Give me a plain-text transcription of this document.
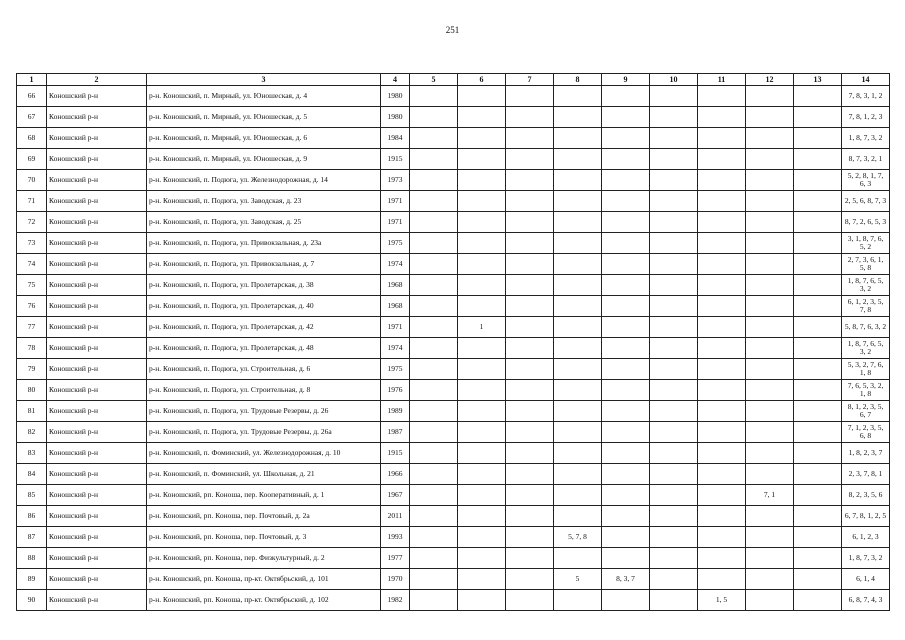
251
1	2	3	4	5	6	7	8	9	10	11	12	13	14
66	Коношский р-н	р-н. Коношский, п. Мирный, ул. Юношеская, д. 4	1980										7, 8, 3, 1, 2
67	Коношский р-н	р-н. Коношский, п. Мирный, ул. Юношеская, д. 5	1980										7, 8, 1, 2, 3
68	Коношский р-н	р-н. Коношский, п. Мирный, ул. Юношеская, д. 6	1984										1, 8, 7, 3, 2
69	Коношский р-н	р-н. Коношский, п. Мирный, ул. Юношеская, д. 9	1915										8, 7, 3, 2, 1
70	Коношский р-н	р-н. Коношский, п. Подюга, ул. Железнодорожная, д. 14	1973										5, 2, 8, 1, 7, 6, 3
71	Коношский р-н	р-н. Коношский, п. Подюга, ул. Заводская, д. 23	1971										2, 5, 6, 8, 7, 3
72	Коношский р-н	р-н. Коношский, п. Подюга, ул. Заводская, д. 25	1971										8, 7, 2, 6, 5, 3
73	Коношский р-н	р-н. Коношский, п. Подюга, ул. Привокзальная, д. 23а	1975										3, 1, 8, 7, 6, 5, 2
74	Коношский р-н	р-н. Коношский, п. Подюга, ул. Привокзальная, д. 7	1974										2, 7, 3, 6, 1, 5, 8
75	Коношский р-н	р-н. Коношский, п. Подюга, ул. Пролетарская, д. 38	1968										1, 8, 7, 6, 5, 3, 2
76	Коношский р-н	р-н. Коношский, п. Подюга, ул. Пролетарская, д. 40	1968										6, 1, 2, 3, 5, 7, 8
77	Коношский р-н	р-н. Коношский, п. Подюга, ул. Пролетарская, д. 42	1971		1								5, 8, 7, 6, 3, 2
78	Коношский р-н	р-н. Коношский, п. Подюга, ул. Пролетарская, д. 48	1974										1, 8, 7, 6, 5, 3, 2
79	Коношский р-н	р-н. Коношский, п. Подюга, ул. Строительная, д. 6	1975										5, 3, 2, 7, 6, 1, 8
80	Коношский р-н	р-н. Коношский, п. Подюга, ул. Строительная, д. 8	1976										7, 6, 5, 3, 2, 1, 8
81	Коношский р-н	р-н. Коношский, п. Подюга, ул. Трудовые Резервы, д. 26	1989										8, 1, 2, 3, 5, 6, 7
82	Коношский р-н	р-н. Коношский, п. Подюга, ул. Трудовые Резервы, д. 26а	1987										7, 1, 2, 3, 5, 6, 8
83	Коношский р-н	р-н. Коношский, п. Фоминский, ул. Железнодорожная, д. 10	1915										1, 8, 2, 3, 7
84	Коношский р-н	р-н. Коношский, п. Фоминский, ул. Школьная, д. 21	1966										2, 3, 7, 8, 1
85	Коношский р-н	р-н. Коношский, рп. Коноша, пер. Кооперативный, д. 1	1967								7, 1		8, 2, 3, 5, 6
86	Коношский р-н	р-н. Коношский, рп. Коноша, пер. Почтовый, д. 2а	2011										6, 7, 8, 1, 2, 5
87	Коношский р-н	р-н. Коношский, рп. Коноша, пер. Почтовый, д. 3	1993				5, 7, 8						6, 1, 2, 3
88	Коношский р-н	р-н. Коношский, рп. Коноша, пер. Физкультурный, д. 2	1977										1, 8, 7, 3, 2
89	Коношский р-н	р-н. Коношский, рп. Коноша, пр-кт. Октябрьский, д. 101	1970				5	8, 3, 7					6, 1, 4
90	Коношский р-н	р-н. Коношский, рп. Коноша, пр-кт. Октябрьский, д. 102	1982							1, 5			6, 8, 7, 4, 3
